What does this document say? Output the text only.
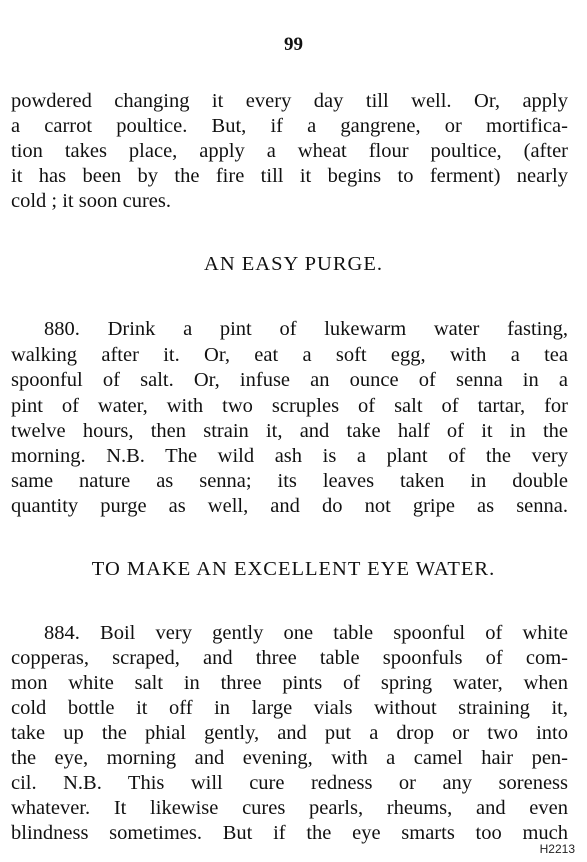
99
powdered changing it every day till well. Or, apply
a carrot poultice. But, if a gangrene, or mortifica-
tion takes place, apply a wheat flour poultice, (after
it has been by the fire till it begins to ferment) nearly
cold ; it soon cures.
AN EASY PURGE.
880. Drink a pint of lukewarm water fasting,
walking after it. Or, eat a soft egg, with a tea
spoonful of salt. Or, infuse an ounce of senna in a
pint of water, with two scruples of salt of tartar, for
twelve hours, then strain it, and take half of it in the
morning. N.B. The wild ash is a plant of the very
same nature as senna; its leaves taken in double
quantity purge as well, and do not gripe as senna.
TO MAKE AN EXCELLENT EYE WATER.
884. Boil very gently one table spoonful of white
copperas, scraped, and three table spoonfuls of com-
mon white salt in three pints of spring water, when
cold bottle it off in large vials without straining it,
take up the phial gently, and put a drop or two into
the eye, morning and evening, with a camel hair pen-
cil. N.B. This will cure redness or any soreness
whatever. It likewise cures pearls, rheums, and even
blindness sometimes. But if the eye smarts too much
H2213
